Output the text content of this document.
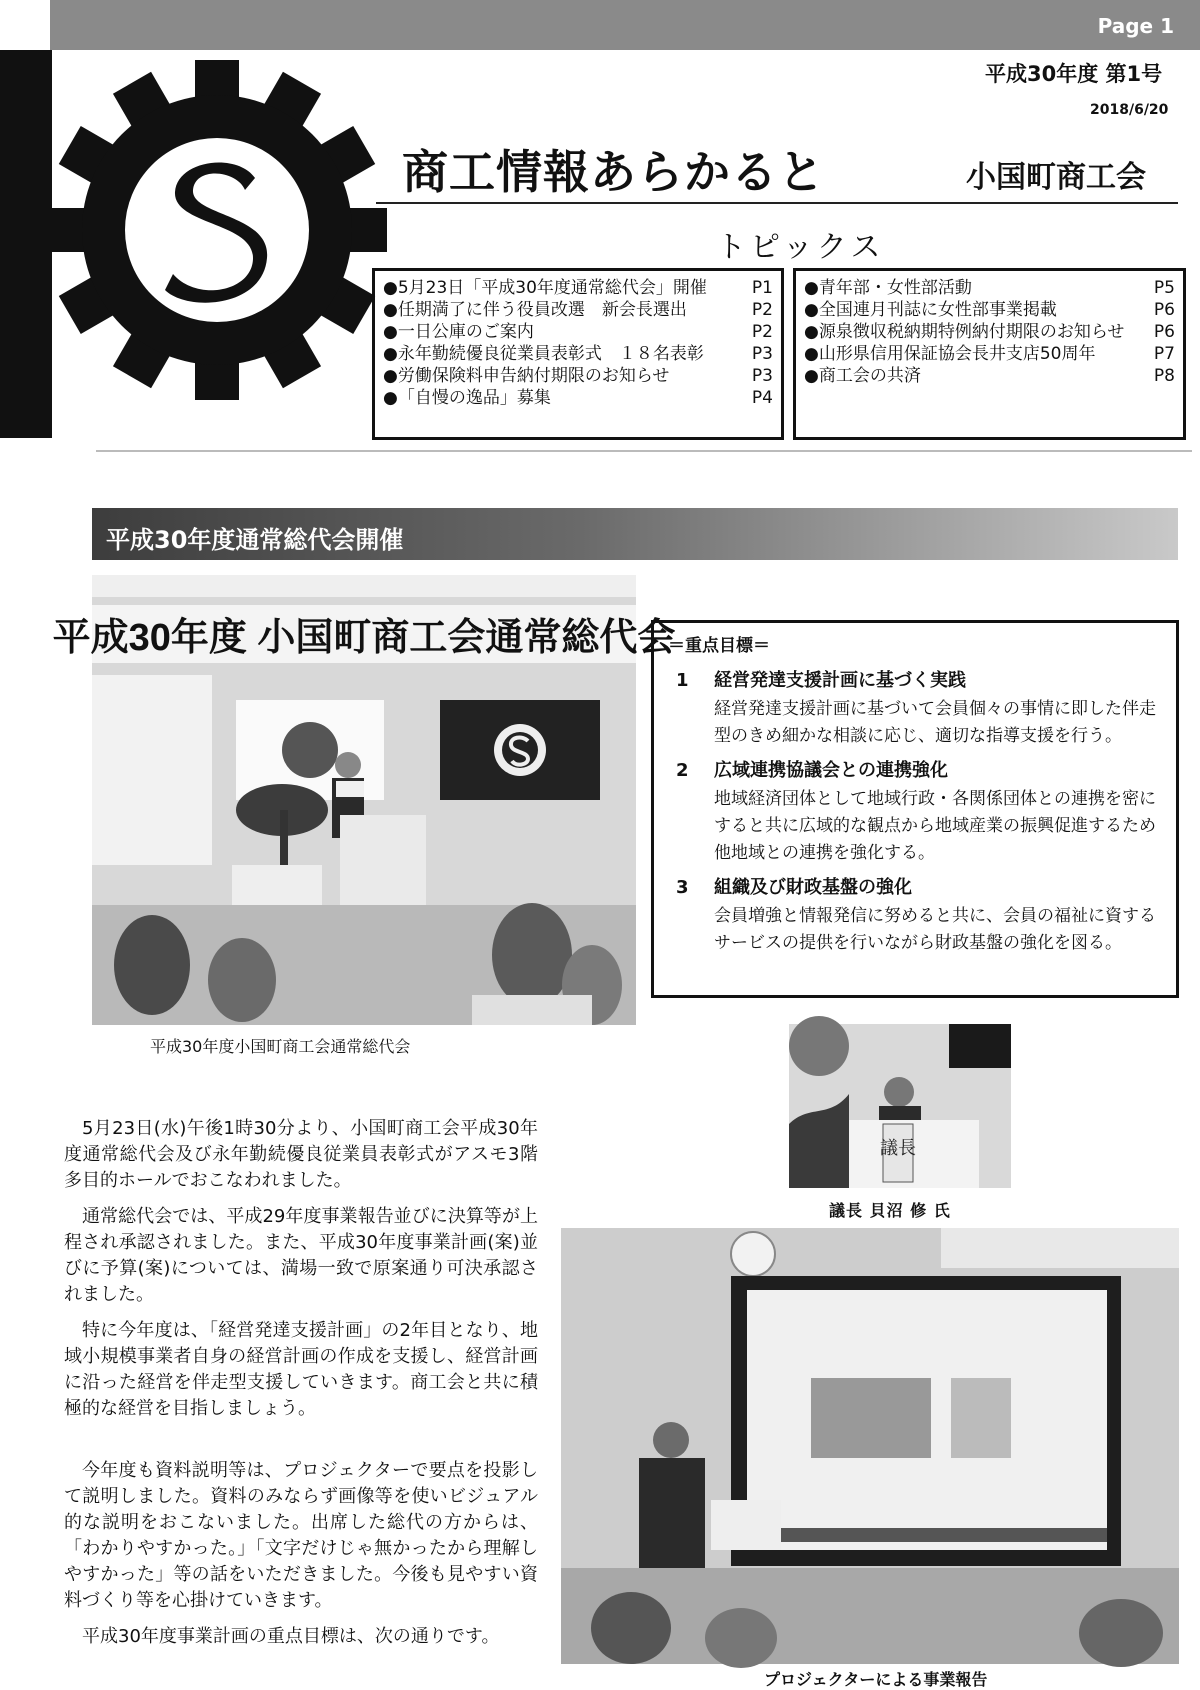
Page 1
平成30年度 第1号
2018/6/20
商工情報あらかると	小国町商工会
トピックス
●5月23日「平成30年度通常総代会」開催	P1
●任期満了に伴う役員改選　新会長選出	P2
●一日公庫のご案内	P2
●永年勤続優良従業員表彰式　１８名表彰	P3
●労働保険料申告納付期限のお知らせ	P3
●「自慢の逸品」募集	P4
●青年部・女性部活動	P5
●全国連月刊誌に女性部事業掲載	P6
●源泉徴収税納期特例納付期限のお知らせ P6
●山形県信用保証協会長井支店50周年	P7
●商工会の共済	P8
平成30年度通常総代会開催
平成30年度 小国町商工会通常総代会
平成30年度小国町商工会通常総代会
＝重点目標＝
1 経営発達支援計画に基づく実践
経営発達支援計画に基づいて会員個々の事情に即した伴走型のきめ細かな相談に応じ、適切な指導支援を行う。
2 広域連携協議会との連携強化
地域経済団体として地域行政・各関係団体との連携を密にすると共に広域的な観点から地域産業の振興促進するため他地域との連携を強化する。
3 組織及び財政基盤の強化
会員増強と情報発信に努めると共に、会員の福祉に資するサービスの提供を行いながら財政基盤の強化を図る。
議長
議長 貝沼 修 氏
プロジェクターによる事業報告

5月23日(水)午後1時30分より、小国町商工会平成30年度通常総代会及び永年勤続優良従業員表彰式がアスモ3階多目的ホールでおこなわれました。

通常総代会では、平成29年度事業報告並びに決算等が上程され承認されました。また、平成30年度事業計画(案)並びに予算(案)については、満場一致で原案通り可決承認されました。

特に今年度は、「経営発達支援計画」の2年目となり、地域小規模事業者自身の経営計画の作成を支援し、経営計画に沿った経営を伴走型支援していきます。商工会と共に積極的な経営を目指しましょう。

今年度も資料説明等は、プロジェクターで要点を投影して説明しました。資料のみならず画像等を使いビジュアル的な説明をおこないました。出席した総代の方からは、「わかりやすかった。」「文字だけじゃ無かったから理解しやすかった」等の話をいただきました。今後も見やすい資料づくり等を心掛けていきます。

平成30年度事業計画の重点目標は、次の通りです。
